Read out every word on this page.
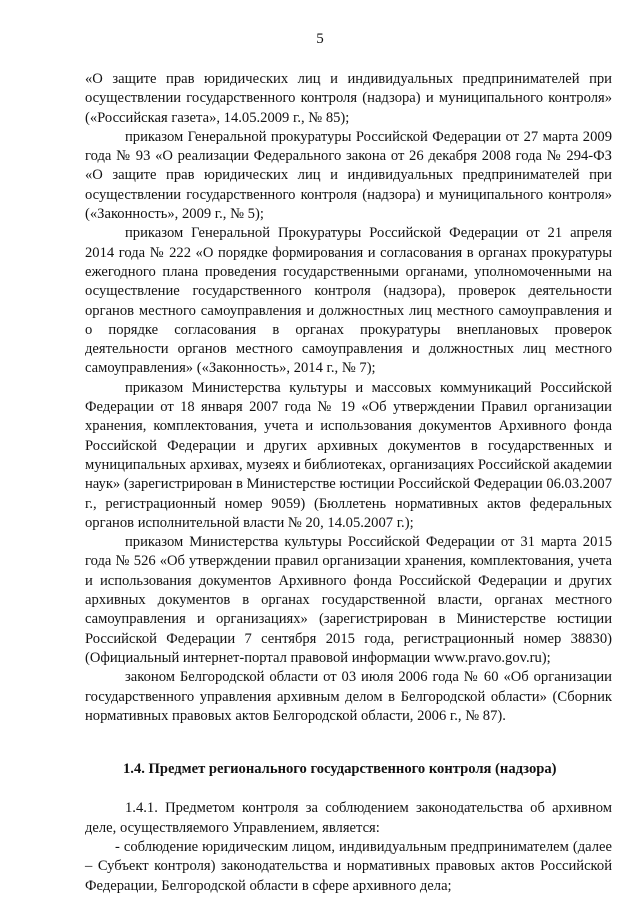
5

«О защите прав юридических лиц и индивидуальных предпринимателей при осуществлении государственного контроля (надзора) и муниципального контроля» («Российская газета», 14.05.2009 г., № 85);

приказом Генеральной прокуратуры Российской Федерации от 27 марта 2009 года № 93 «О реализации Федерального закона от 26 декабря 2008 года № 294-ФЗ «О защите прав юридических лиц и индивидуальных предпринимателей при осуществлении государственного контроля (надзора) и муниципального контроля» («Законность», 2009 г., № 5);

приказом Генеральной Прокуратуры Российской Федерации от 21 апреля 2014 года № 222 «О порядке формирования и согласования в органах прокуратуры ежегодного плана проведения государственными органами, уполномоченными на осуществление государственного контроля (надзора), проверок деятельности органов местного самоуправления и должностных лиц местного самоуправления и о порядке согласования в органах прокуратуры внеплановых проверок деятельности органов местного самоуправления и должностных лиц местного самоуправления» («Законность», 2014 г., № 7);

приказом Министерства культуры и массовых коммуникаций Российской Федерации от 18 января 2007 года № 19 «Об утверждении Правил организации хранения, комплектования, учета и использования документов Архивного фонда Российской Федерации и других архивных документов в государственных и муниципальных архивах, музеях и библиотеках, организациях Российской академии наук» (зарегистрирован в Министерстве юстиции Российской Федерации 06.03.2007 г., регистрационный номер 9059) (Бюллетень нормативных актов федеральных органов исполнительной власти № 20, 14.05.2007 г.);

приказом Министерства культуры Российской Федерации от 31 марта 2015 года № 526 «Об утверждении правил организации хранения, комплектования, учета и использования документов Архивного фонда Российской Федерации и других архивных документов в органах государственной власти, органах местного самоуправления и организациях» (зарегистрирован в Министерстве юстиции Российской Федерации 7 сентября 2015 года, регистрационный номер 38830) (Официальный интернет-портал правовой информации www.pravo.gov.ru);

законом Белгородской области от 03 июля 2006 года № 60 «Об организации государственного управления архивным делом в Белгородской области» (Сборник нормативных правовых актов Белгородской области, 2006 г., № 87).

1.4. Предмет регионального государственного контроля (надзора)

1.4.1. Предметом контроля за соблюдением законодательства об архивном деле, осуществляемого Управлением, является:

- соблюдение юридическим лицом, индивидуальным предпринимателем (далее – Субъект контроля) законодательства и нормативных правовых актов Российской Федерации, Белгородской области в сфере архивного дела;
